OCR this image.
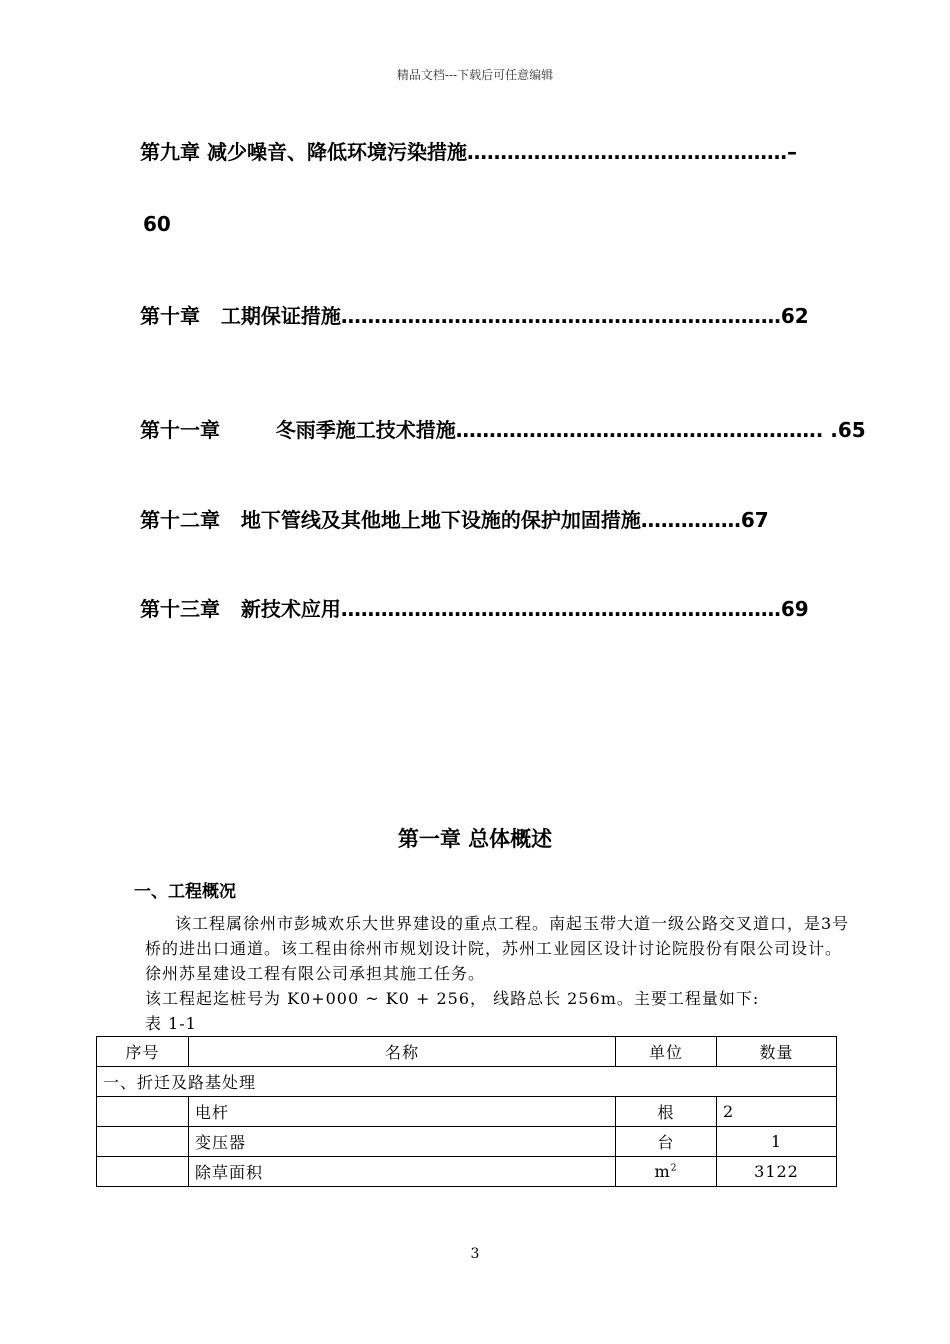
精品文档---下载后可任意编辑
第九章 减少噪音、降低环境污染措施…………………………………………–
60
第十章 工期保证措施…………………………………………………………62
第十一章	冬雨季施工技术措施………………………………………………. .65
第十二章 地下管线及其他地上地下设施的保护加固措施……………67
第十三章 新技术应用…………………………………………………………69
第一章 总体概述
一、工程概况
该工程属徐州市彭城欢乐大世界建设的重点工程。南起玉带大道一级公路交叉道口，是3号桥的进出口通道。该工程由徐州市规划设计院，苏州工业园区设计讨论院股份有限公司设计。徐州苏星建设工程有限公司承担其施工任务。
该工程起迄桩号为 K0+000 ~ K0 + 256， 线路总长 256m。主要工程量如下:
表 1-1
序号	名称	单位	数量
一、折迁及路基处理			
	电杆	根	2
	变压器	台	1
	除草面积	$m^2$	3122
3
